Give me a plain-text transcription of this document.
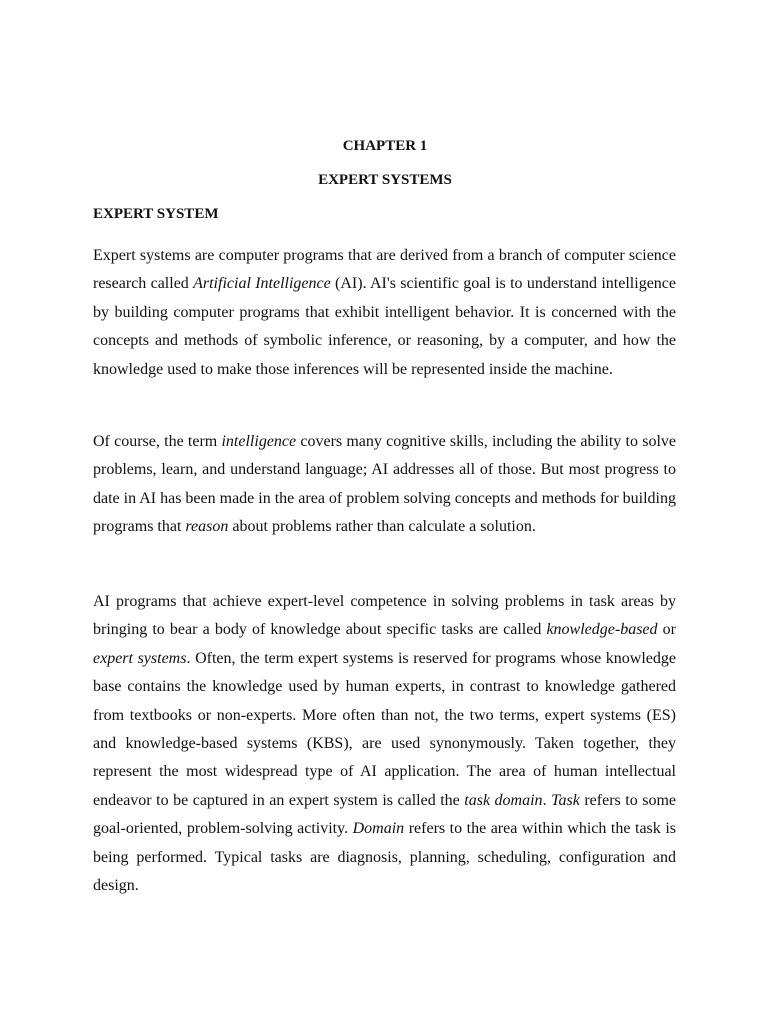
CHAPTER 1
EXPERT SYSTEMS
EXPERT SYSTEM

Expert systems are computer programs that are derived from a branch of computer science research called Artificial Intelligence (AI). AI's scientific goal is to understand intelligence by building computer programs that exhibit intelligent behavior. It is concerned with the concepts and methods of symbolic inference, or reasoning, by a computer, and how the knowledge used to make those inferences will be represented inside the machine.

Of course, the term intelligence covers many cognitive skills, including the ability to solve problems, learn, and understand language; AI addresses all of those. But most progress to date in AI has been made in the area of problem solving concepts and methods for building programs that reason about problems rather than calculate a solution.

AI programs that achieve expert-level competence in solving problems in task areas by bringing to bear a body of knowledge about specific tasks are called knowledge-based or expert systems. Often, the term expert systems is reserved for programs whose knowledge base contains the knowledge used by human experts, in contrast to knowledge gathered from textbooks or non-experts. More often than not, the two terms, expert systems (ES) and knowledge-based systems (KBS), are used synonymously. Taken together, they represent the most widespread type of AI application. The area of human intellectual endeavor to be captured in an expert system is called the task domain. Task refers to some goal-oriented, problem-solving activity. Domain refers to the area within which the task is being performed. Typical tasks are diagnosis, planning, scheduling, configuration and design.
